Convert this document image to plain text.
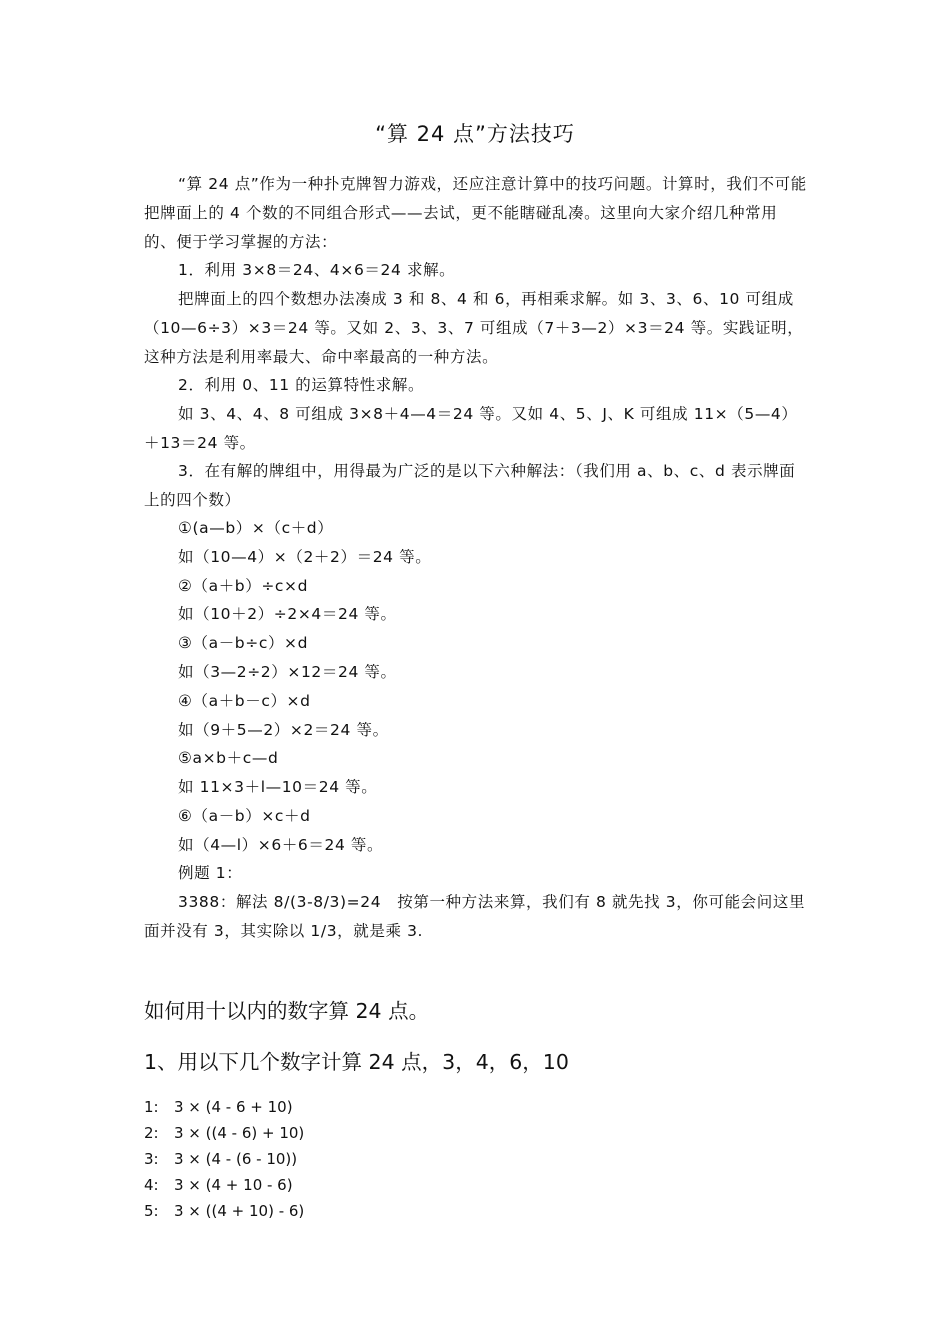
“算 24 点”方法技巧
“算 24 点”作为一种扑克牌智力游戏，还应注意计算中的技巧问题。计算时，我们不可能把牌面上的 4 个数的不同组合形式——去试，更不能瞎碰乱凑。这里向大家介绍几种常用的、便于学习掌握的方法：
1．利用 3×8＝24、4×6＝24 求解。
把牌面上的四个数想办法凑成 3 和 8、4 和 6，再相乘求解。如 3、3、6、10 可组成（10—6÷3）×3＝24 等。又如 2、3、3、7 可组成（7＋3—2）×3＝24 等。实践证明，这种方法是利用率最大、命中率最高的一种方法。
2．利用 0、11 的运算特性求解。
如 3、4、4、8 可组成 3×8＋4—4＝24 等。又如 4、5、J、K 可组成 11×（5—4）＋13＝24 等。
3．在有解的牌组中，用得最为广泛的是以下六种解法：（我们用 a、b、c、d 表示牌面上的四个数）
①(a—b）×（c＋d）
如（10—4）×（2＋2）＝24 等。
②（a＋b）÷c×d
如（10＋2）÷2×4＝24 等。
③（a－b÷c）×d
如（3—2÷2）×12＝24 等。
④（a＋b－c）×d
如（9＋5—2）×2＝24 等。
⑤a×b＋c—d
如 11×3＋l—10＝24 等。
⑥（a－b）×c＋d
如（4—l）×6＋6＝24 等。
例题 1：
3388：解法 8/(3-8/3)=24　按第一种方法来算，我们有 8 就先找 3，你可能会问这里面并没有 3，其实除以 1/3，就是乘 3.
如何用十以内的数字算 24 点。
1、用以下几个数字计算 24 点，3，4，6，10
1: 3 × (4 - 6 + 10)
2: 3 × ((4 - 6) + 10)
3: 3 × (4 - (6 - 10))
4: 3 × (4 + 10 - 6)
5: 3 × ((4 + 10) - 6)
